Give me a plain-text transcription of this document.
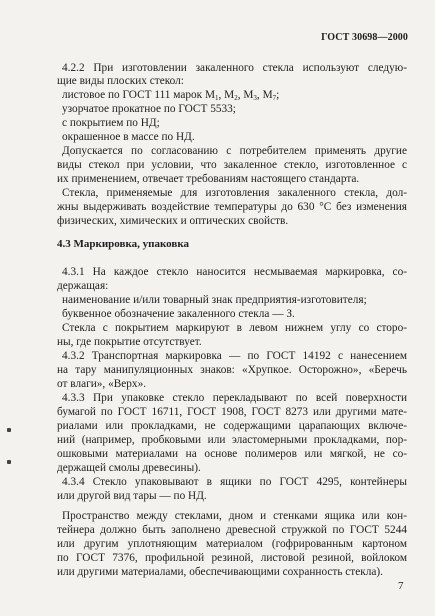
ГОСТ 30698—2000
4.2.2 При изготовлении закаленного стекла используют следую-
щие виды плоских стекол:
листовое по ГОСТ 111 марок $М_1$, $М_2$, $М_3$, $М_7$;
узорчатое прокатное по ГОСТ 5533;
с покрытием по НД;
окрашенное в массе по НД.
Допускается по согласованию с потребителем применять другие
виды стекол при условии, что закаленное стекло, изготовленное с
их применением, отвечает требованиям настоящего стандарта.
Стекла, применяемые для изготовления закаленного стекла, дол-
жны выдерживать воздействие температуры до 630 °С без изменения
физических, химических и оптических свойств.
4.3 Маркировка, упаковка
4.3.1 На каждое стекло наносится несмываемая маркировка, со-
держащая:
наименование и/или товарный знак предприятия-изготовителя;
буквенное обозначение закаленного стекла — З.
Стекла с покрытием маркируют в левом нижнем углу со сторо-
ны, где покрытие отсутствует.
4.3.2 Транспортная маркировка — по ГОСТ 14192 с нанесением
на тару манипуляционных знаков: «Хрупкое. Осторожно», «Беречь
от влаги», «Верх».
4.3.3 При упаковке стекло перекладывают по всей поверхности
бумагой по ГОСТ 16711, ГОСТ 1908, ГОСТ 8273 или другими мате-
риалами или прокладками, не содержащими царапающих включе-
ний (например, пробковыми или эластомерными прокладками, пор-
ошковыми материалами на основе полимеров или мягкой, не со-
держащей смолы древесины).
4.3.4 Стекло упаковывают в ящики по ГОСТ 4295, контейнеры
или другой вид тары — по НД.
Пространство между стеклами, дном и стенками ящика или кон-
тейнера должно быть заполнено древесной стружкой по ГОСТ 5244
или другим уплотняющим материалом (гофрированным картоном
по ГОСТ 7376, профильной резиной, листовой резиной, войлоком
или другими материалами, обеспечивающими сохранность стекла).
7
